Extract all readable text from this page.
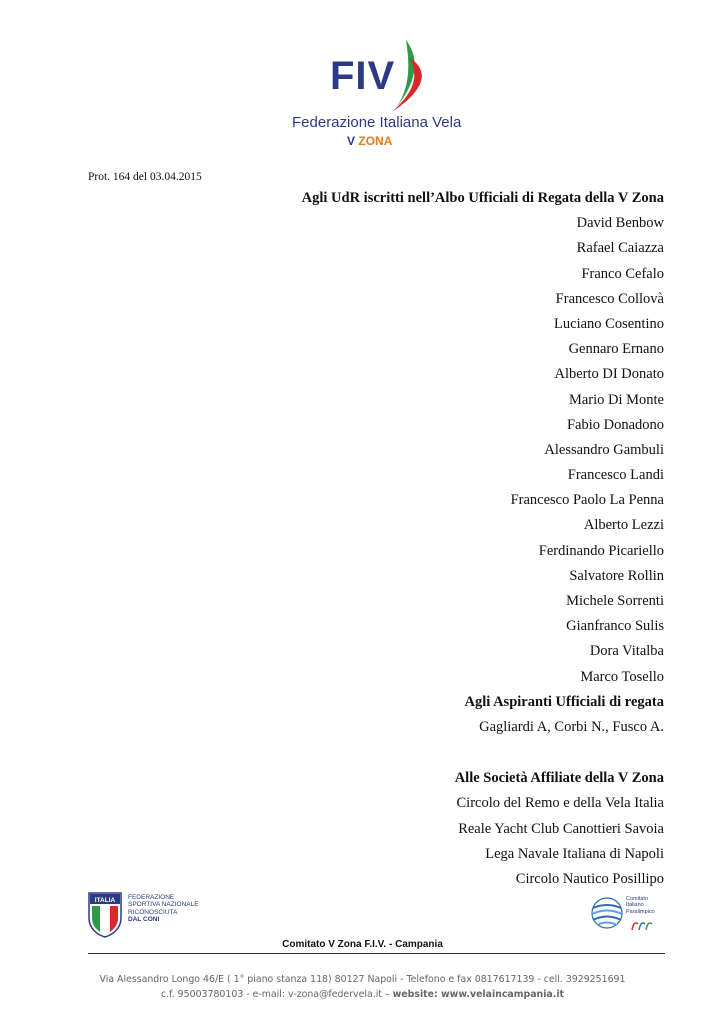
FIV
Federazione Italiana Vela
V ZONA
Prot. 164 del 03.04.2015
Agli UdR iscritti nell’Albo Ufficiali di Regata della V Zona
David Benbow
Rafael Caiazza
Franco Cefalo
Francesco Collovà
Luciano Cosentino
Gennaro Ernano
Alberto DI Donato
Mario Di Monte
Fabio Donadono
Alessandro Gambuli
Francesco Landi
Francesco Paolo La Penna
Alberto Lezzi
Ferdinando Picariello
Salvatore Rollin
Michele Sorrenti
Gianfranco Sulis
Dora Vitalba
Marco Tosello
Agli Aspiranti Ufficiali di regata
Gagliardi A, Corbi N., Fusco A.
Alle Società Affiliate della V Zona
Circolo del Remo e della Vela Italia
Reale Yacht Club Canottieri Savoia
Lega Navale Italiana di Napoli
Circolo Nautico Posillipo
ITALIA FEDERAZIONE
SPORTIVA NAZIONALE
RICONOSCIUTA
DAL CONI
Comitato
Italiano
Paralimpico
Comitato V Zona F.I.V. - Campania
Via Alessandro Longo 46/E ( 1° piano stanza 118) 80127 Napoli - Telefono e fax 0817617139 - cell. 3929251691
c.f. 95003780103 - e-mail: v-zona@federvela.it – website: www.velaincampania.it
